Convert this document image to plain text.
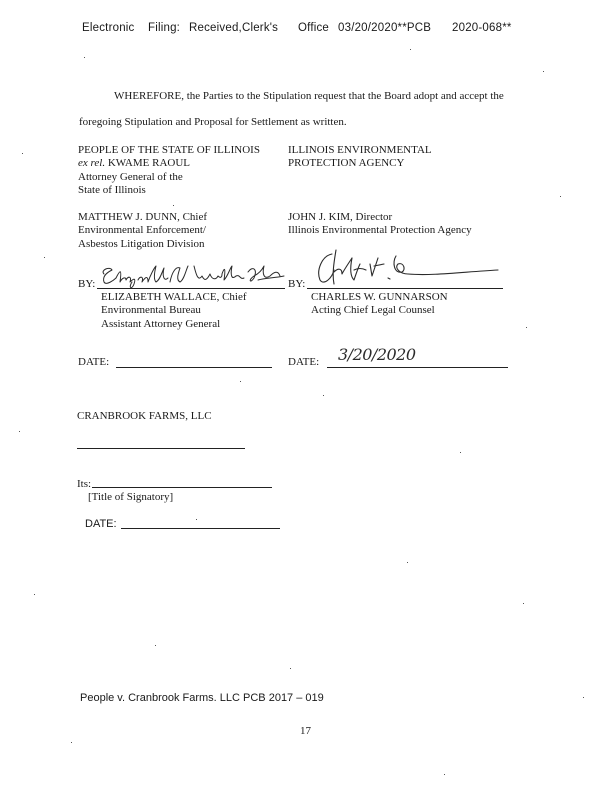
Electronic Filing: Received,Clerk's Office 03/20/2020**PCB 2020-068**
WHEREFORE, the Parties to the Stipulation request that the Board adopt and accept the
foregoing Stipulation and Proposal for Settlement as written.
PEOPLE OF THE STATE OF ILLINOIS
ex rel. KWAME RAOUL
Attorney General of the
State of Illinois
MATTHEW J. DUNN, Chief
Environmental Enforcement/
Asbestos Litigation Division
ILLINOIS ENVIRONMENTAL
PROTECTION AGENCY
JOHN J. KIM, Director
Illinois Environmental Protection Agency
BY:
ELIZABETH WALLACE, Chief
Environmental Bureau
Assistant Attorney General
BY:
CHARLES W. GUNNARSON
Acting Chief Legal Counsel
DATE:	DATE: 3/20/2020
CRANBROOK FARMS, LLC
Its:
[Title of Signatory]
DATE:
People v. Cranbrook Farms. LLC PCB 2017 – 019
17
